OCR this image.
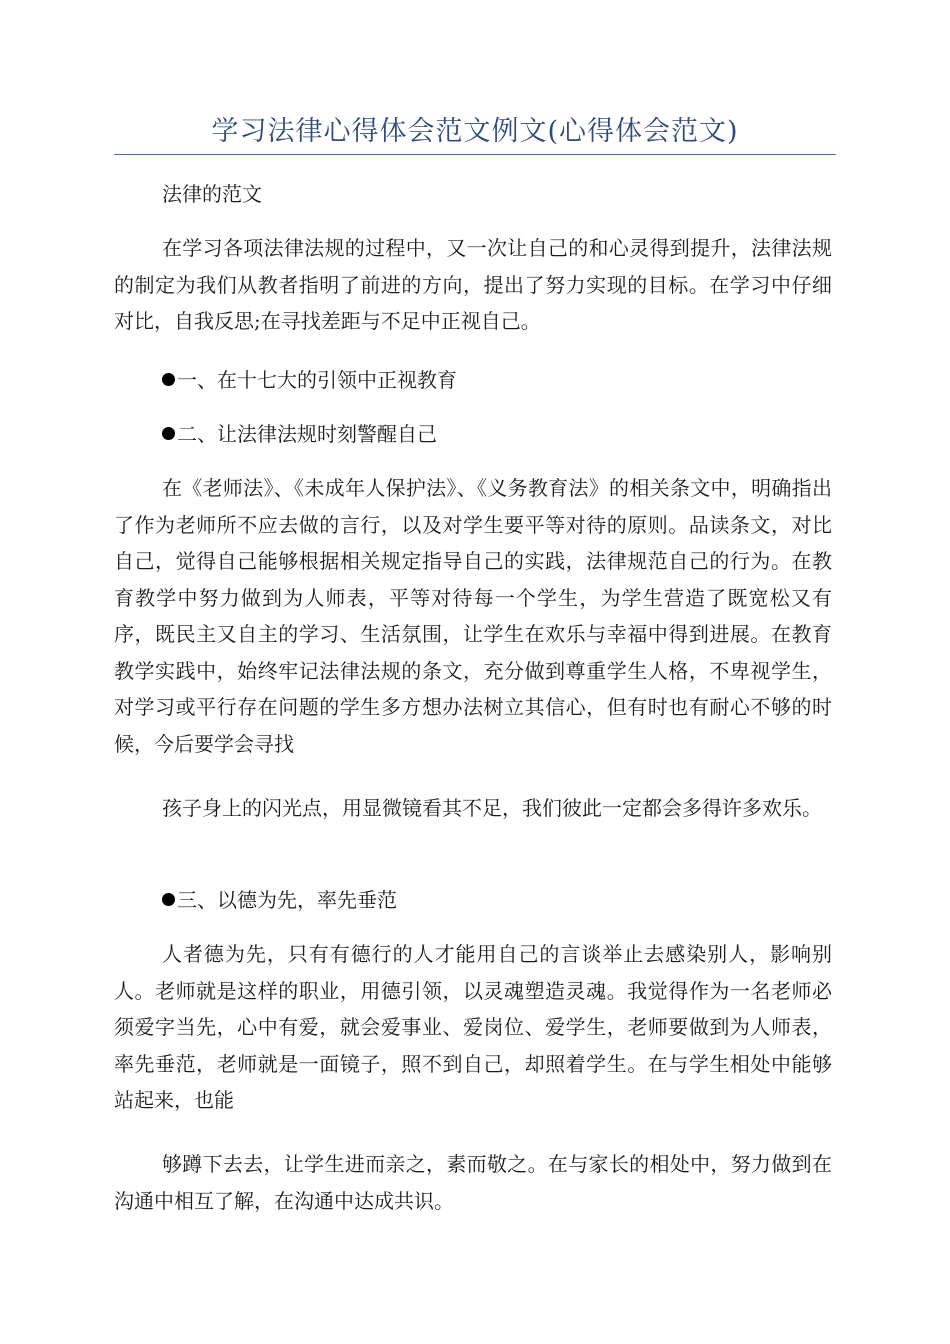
学习法律心得体会范文例文(心得体会范文)

法律的范文

在学习各项法律法规的过程中，又一次让自己的和心灵得到提升，法律法规的制定为我们从教者指明了前进的方向，提出了努力实现的目标。在学习中仔细对比，自我反思;在寻找差距与不足中正视自己。

一、在十七大的引领中正视教育

二、让法律法规时刻警醒自己

在《老师法》、《未成年人保护法》、《义务教育法》的相关条文中，明确指出了作为老师所不应去做的言行，以及对学生要平等对待的原则。品读条文，对比自己，觉得自己能够根据相关规定指导自己的实践，法律规范自己的行为。在教育教学中努力做到为人师表，平等对待每一个学生，为学生营造了既宽松又有序，既民主又自主的学习、生活氛围，让学生在欢乐与幸福中得到进展。在教育教学实践中，始终牢记法律法规的条文，充分做到尊重学生人格，不卑视学生，对学习或平行存在问题的学生多方想办法树立其信心，但有时也有耐心不够的时候，今后要学会寻找

孩子身上的闪光点，用显微镜看其不足，我们彼此一定都会多得许多欢乐。

三、以德为先，率先垂范

人者德为先，只有有德行的人才能用自己的言谈举止去感染别人，影响别人。老师就是这样的职业，用德引领，以灵魂塑造灵魂。我觉得作为一名老师必须爱字当先，心中有爱，就会爱事业、爱岗位、爱学生，老师要做到为人师表，率先垂范，老师就是一面镜子，照不到自己，却照着学生。在与学生相处中能够站起来，也能

够蹲下去去，让学生进而亲之，素而敬之。在与家长的相处中，努力做到在沟通中相互了解，在沟通中达成共识。
